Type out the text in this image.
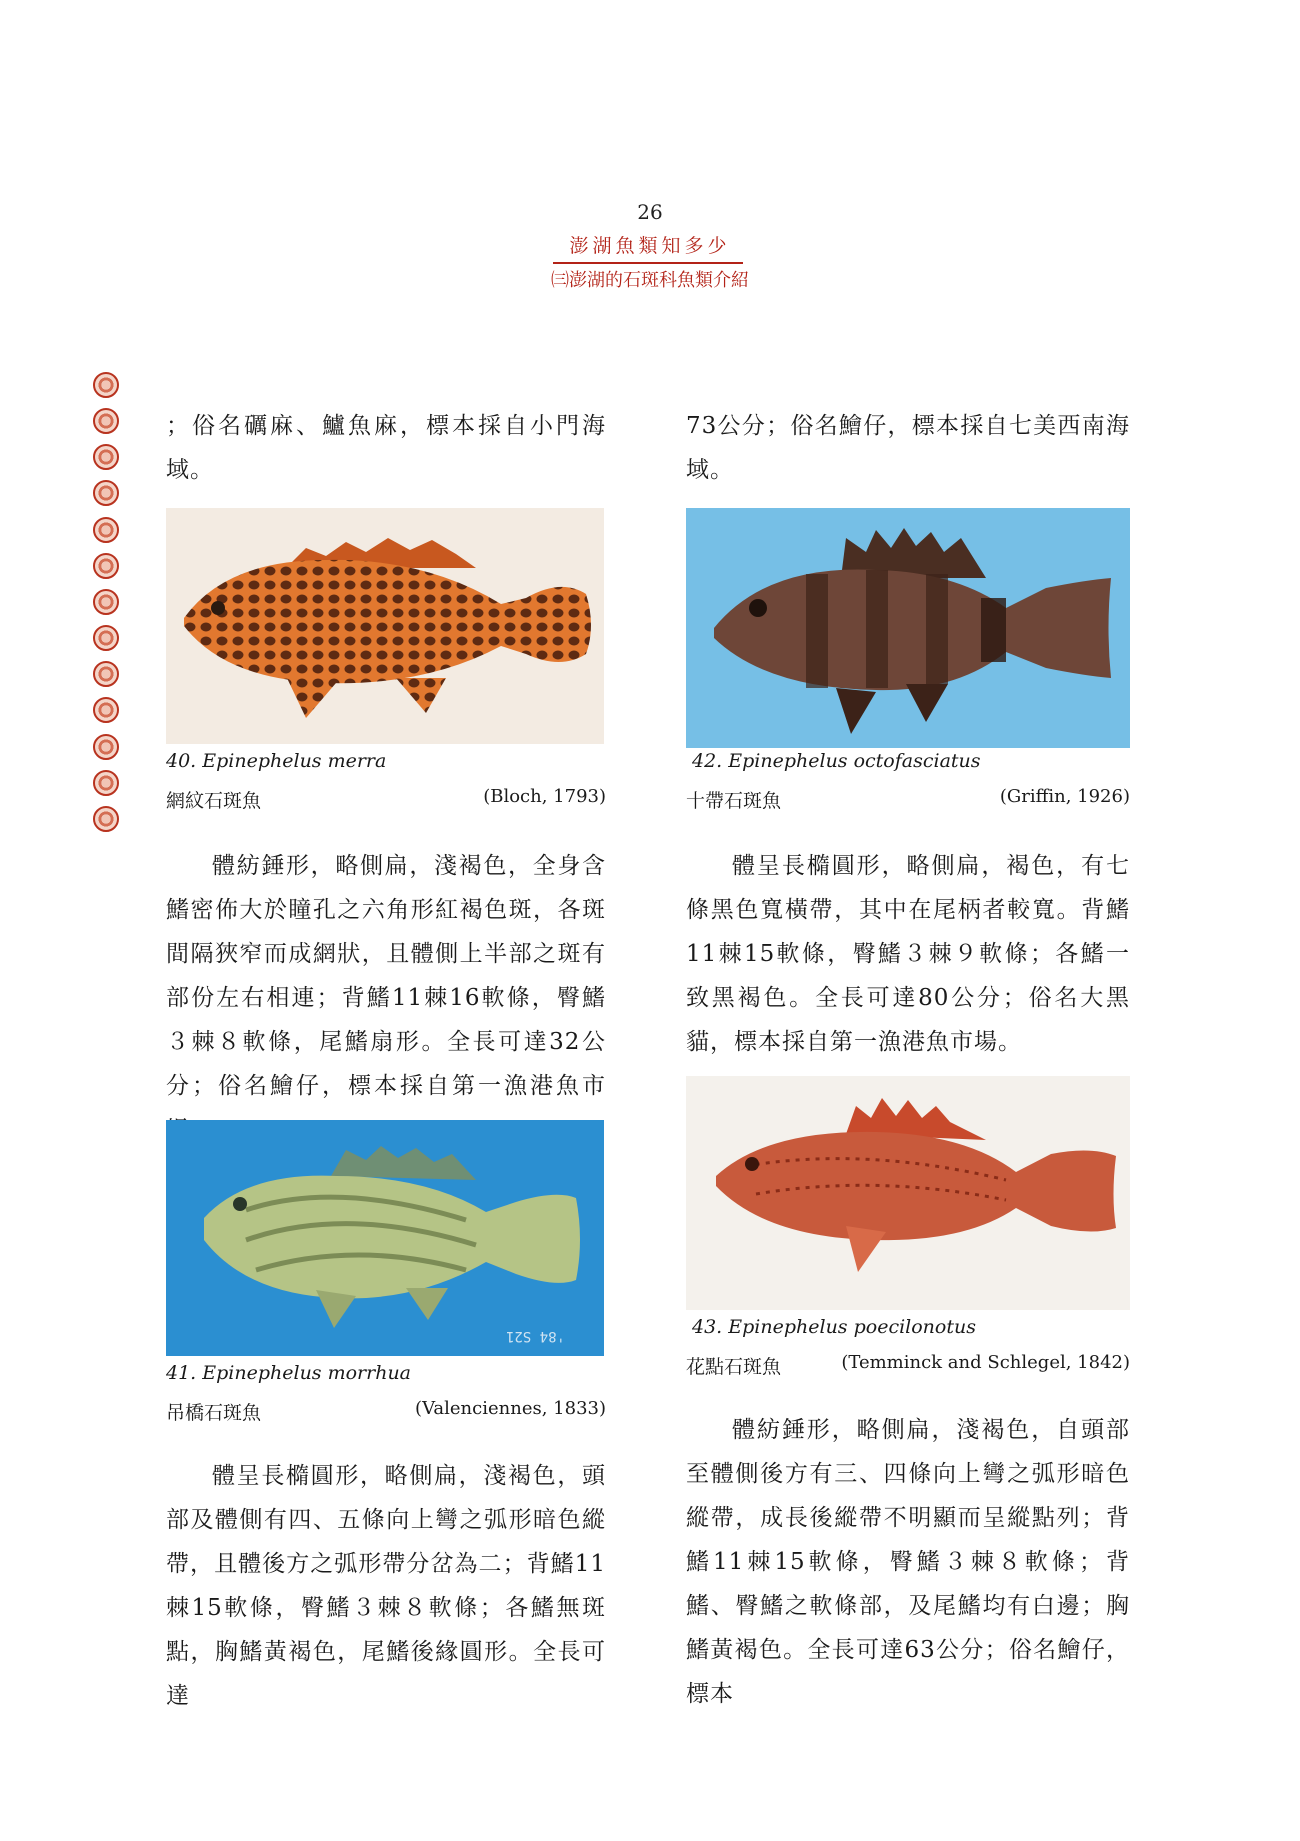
26
澎湖魚類知多少
㈢澎湖的石斑科魚類介紹
；俗名礪麻、鱸魚麻，標本採自小門海域。
40. Epinephelus merra
網紋石斑魚	(Bloch, 1793)
體紡錘形，略側扁，淺褐色，全身含鰭密佈大於瞳孔之六角形紅褐色斑，各斑間隔狹窄而成網狀，且體側上半部之斑有部份左右相連；背鰭11棘16軟條，臀鰭３棘８軟條，尾鰭扇形。全長可達32公分；俗名鱠仔，標本採自第一漁港魚市
'84 S21
41. Epinephelus morrhua
吊橋石斑魚	(Valenciennes, 1833)
體呈長橢圓形，略側扁，淺褐色，頭部及體側有四、五條向上彎之弧形暗色縱帶，且體後方之弧形帶分岔為二；背鰭11棘15軟條，臀鰭３棘８軟條；各鰭無斑點，胸鰭黃褐色，尾鰭後緣圓形。全長可達
73公分；俗名鱠仔，標本採自七美西南海域。
42. Epinephelus octofasciatus
十帶石斑魚	(Griffin, 1926)
體呈長橢圓形，略側扁，褐色，有七條黑色寬橫帶，其中在尾柄者較寬。背鰭11棘15軟條，臀鰭３棘９軟條；各鰭一致黑褐色。全長可達80公分；俗名大黑貓，標本採自第一漁港魚市場。
43. Epinephelus poecilonotus
花點石斑魚	(Temminck and Schlegel, 1842)
體紡錘形，略側扁，淺褐色，自頭部至體側後方有三、四條向上彎之弧形暗色縱帶，成長後縱帶不明顯而呈縱點列；背鰭11棘15軟條，臀鰭３棘８軟條；背鰭、臀鰭之軟條部，及尾鰭均有白邊；胸鰭黃褐色。全長可達63公分；俗名鱠仔，標本
